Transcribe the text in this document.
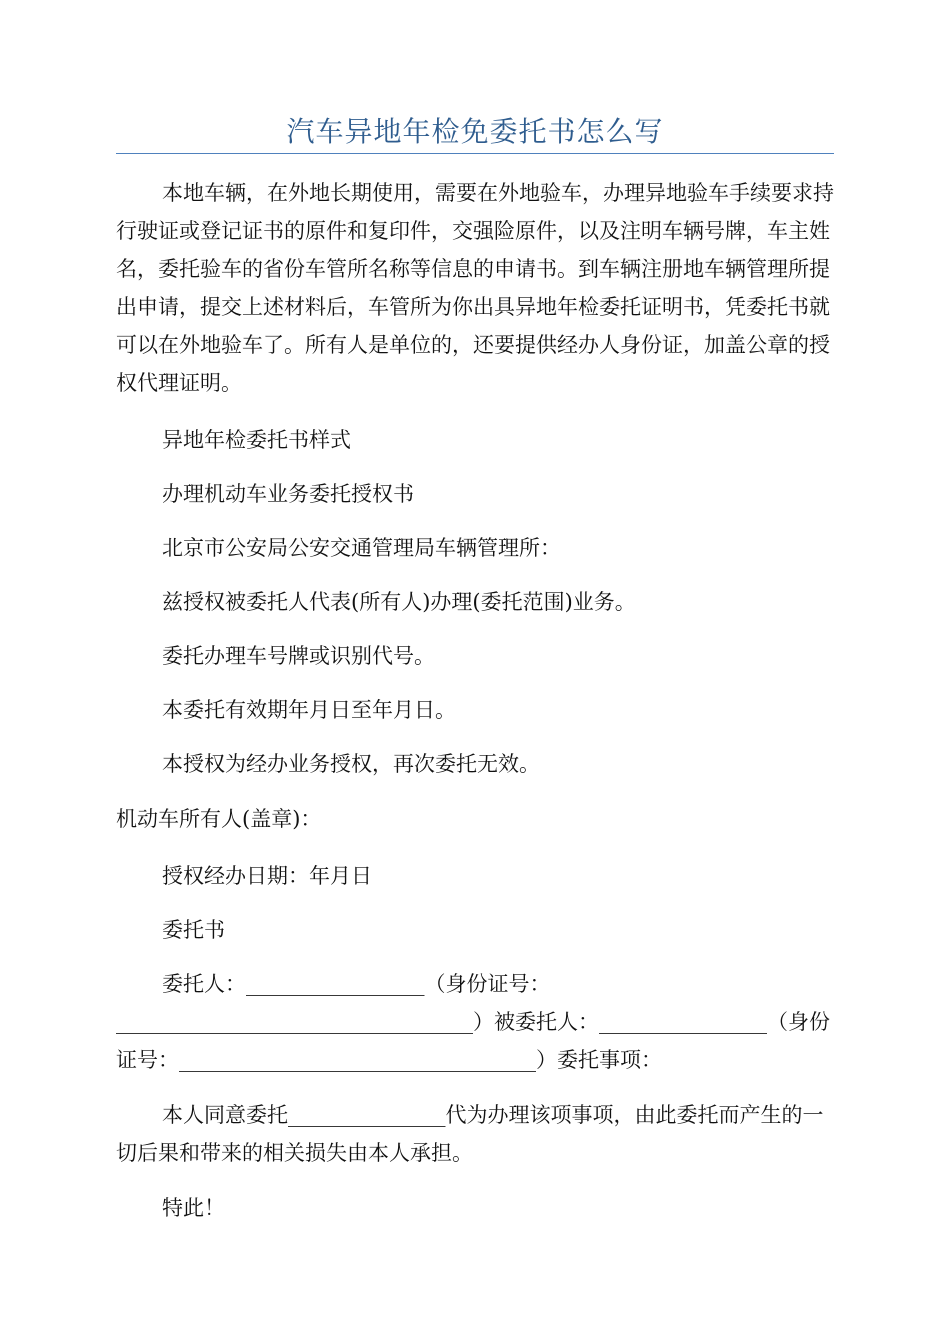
汽车异地年检免委托书怎么写

本地车辆，在外地长期使用，需要在外地验车，办理异地验车手续要求持行驶证或登记证书的原件和复印件，交强险原件，以及注明车辆号牌，车主姓名，委托验车的省份车管所名称等信息的申请书。到车辆注册地车辆管理所提出申请，提交上述材料后，车管所为你出具异地年检委托证明书，凭委托书就可以在外地验车了。所有人是单位的，还要提供经办人身份证，加盖公章的授权代理证明。

异地年检委托书样式

办理机动车业务委托授权书

北京市公安局公安交通管理局车辆管理所：

兹授权被委托人代表(所有人)办理(委托范围)业务。

委托办理车号牌或识别代号。

本委托有效期年月日至年月日。

本授权为经办业务授权，再次委托无效。

机动车所有人(盖章)：

授权经办日期：年月日

委托书

委托人：_________________（身份证号：__________________________________）被委托人：________________（身份证号：__________________________________）委托事项：

本人同意委托_______________代为办理该项事项，由此委托而产生的一切后果和带来的相关损失由本人承担。

特此！
